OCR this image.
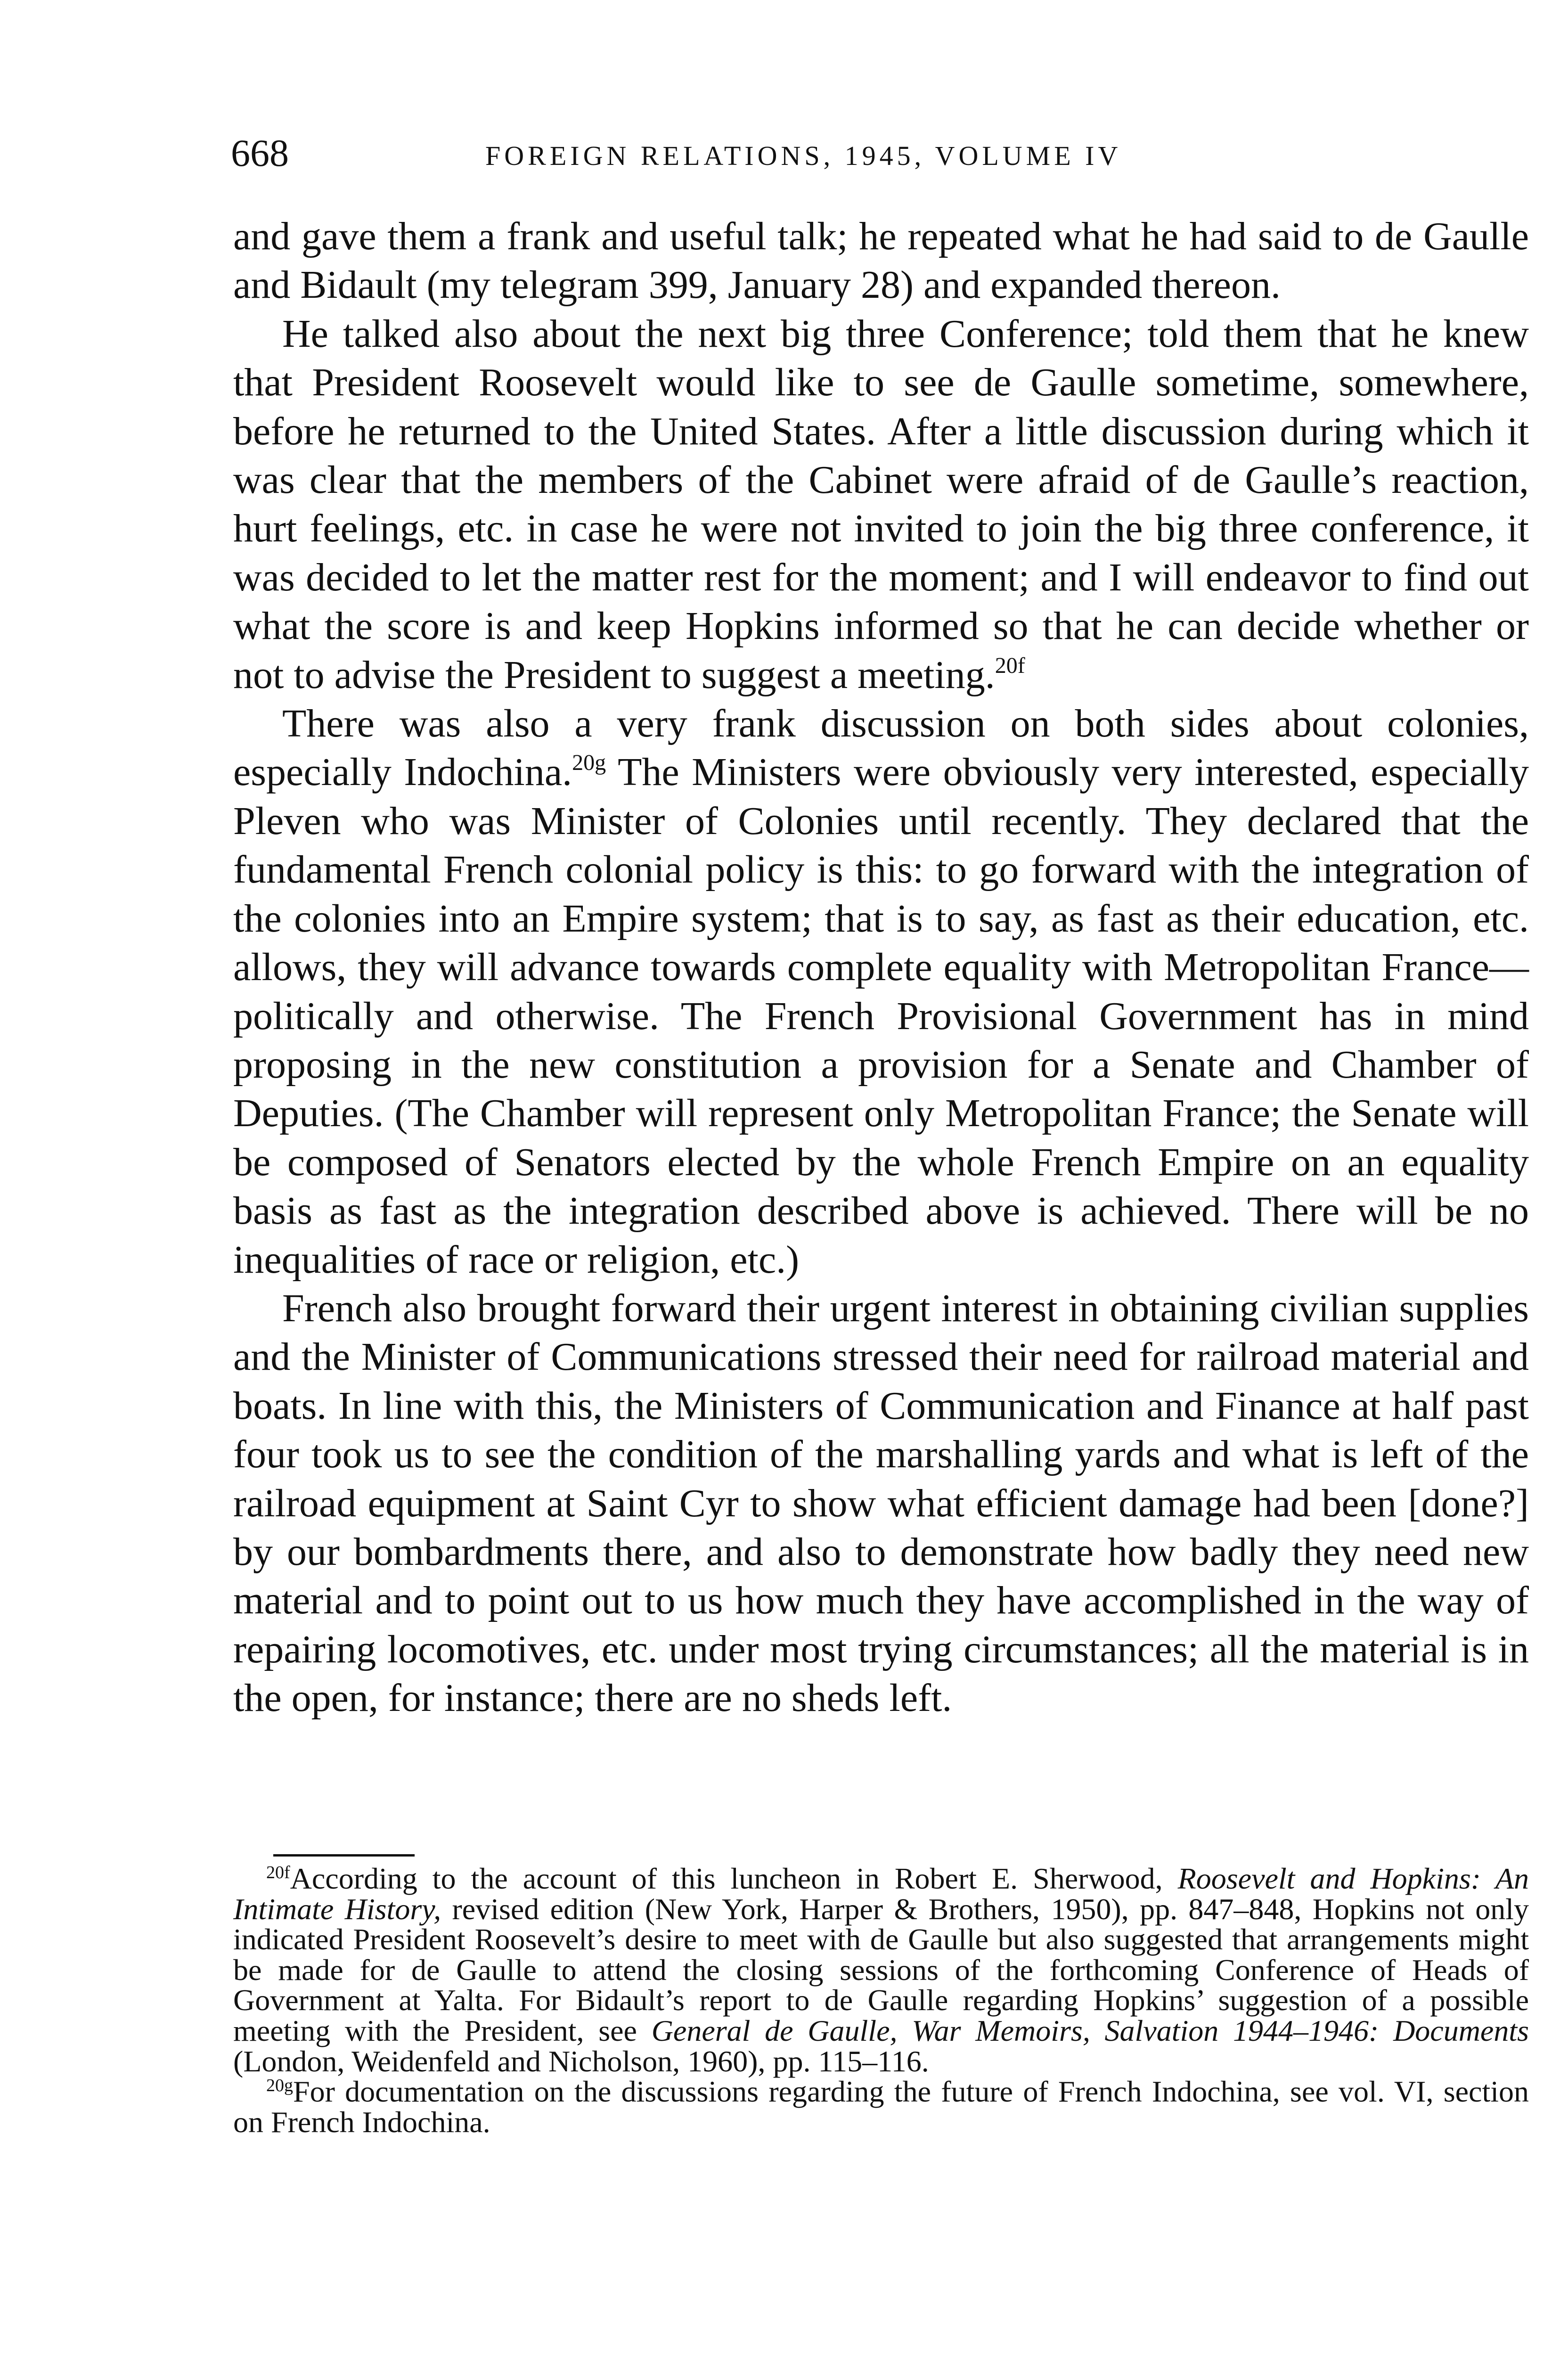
668	FOREIGN RELATIONS, 1945, VOLUME IV

and gave them a frank and useful talk; he repeated what he had said to de Gaulle and Bidault (my telegram 399, January 28) and expanded thereon.

He talked also about the next big three Conference; told them that he knew that President Roosevelt would like to see de Gaulle sometime, somewhere, before he returned to the United States. After a little discussion during which it was clear that the members of the Cabinet were afraid of de Gaulle’s reaction, hurt feelings, etc. in case he were not invited to join the big three conference, it was decided to let the matter rest for the moment; and I will endeavor to find out what the score is and keep Hopkins informed so that he can decide whether or not to advise the President to suggest a meeting.$^{20f}$

There was also a very frank discussion on both sides about colonies, especially Indochina.$^{20g}$ The Ministers were obviously very interested, especially Pleven who was Minister of Colonies until recently. They declared that the fundamental French colonial policy is this: to go forward with the integration of the colonies into an Empire system; that is to say, as fast as their education, etc. allows, they will advance towards complete equality with Metropolitan France—politically and otherwise. The French Provisional Government has in mind proposing in the new constitution a provision for a Senate and Chamber of Deputies. (The Chamber will represent only Metropolitan France; the Senate will be composed of Senators elected by the whole French Empire on an equality basis as fast as the integration described above is achieved. There will be no inequalities of race or religion, etc.)

French also brought forward their urgent interest in obtaining civilian supplies and the Minister of Communications stressed their need for railroad material and boats. In line with this, the Ministers of Communication and Finance at half past four took us to see the condition of the marshalling yards and what is left of the railroad equipment at Saint Cyr to show what efficient damage had been [done?] by our bombardments there, and also to demonstrate how badly they need new material and to point out to us how much they have accomplished in the way of repairing locomotives, etc. under most trying circumstances; all the material is in the open, for instance; there are no sheds left.

$^{20f}$According to the account of this luncheon in Robert E. Sherwood, Roosevelt and Hopkins: An Intimate History, revised edition (New York, Harper & Brothers, 1950), pp. 847–848, Hopkins not only indicated President Roosevelt’s desire to meet with de Gaulle but also suggested that arrangements might be made for de Gaulle to attend the closing sessions of the forthcoming Conference of Heads of Government at Yalta. For Bidault’s report to de Gaulle regarding Hopkins’ suggestion of a possible meeting with the President, see General de Gaulle, War Memoirs, Salvation 1944–1946: Documents (London, Weidenfeld and Nicholson, 1960), pp. 115–116.

$^{20g}$For documentation on the discussions regarding the future of French Indochina, see vol. VI, section on French Indochina.
